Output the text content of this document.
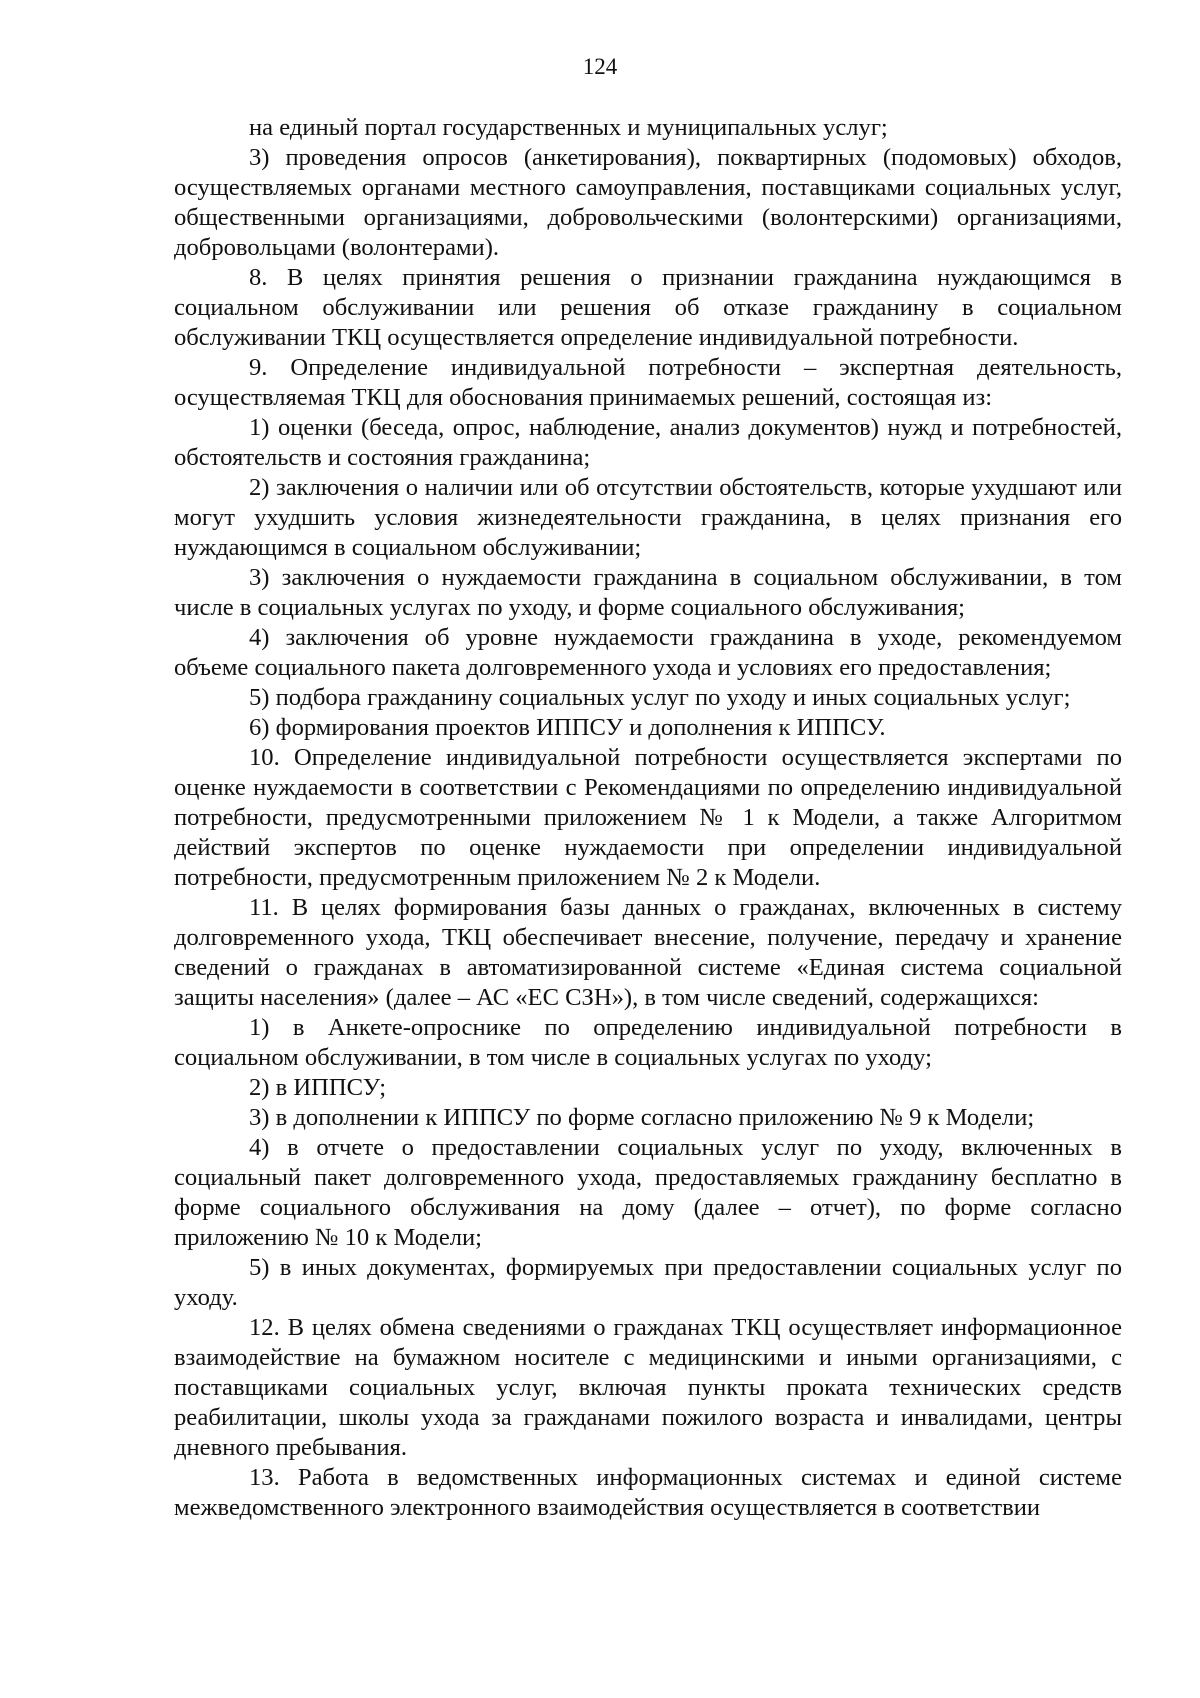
124

на единый портал государственных и муниципальных услуг;

3) проведения опросов (анкетирования), поквартирных (подомовых) обходов, осуществляемых органами местного самоуправления, поставщиками социальных услуг, общественными организациями, добровольческими (волонтерскими) организациями, добровольцами (волонтерами).

8. В целях принятия решения о признании гражданина нуждающимся в социальном обслуживании или решения об отказе гражданину в социальном обслуживании ТКЦ осуществляется определение индивидуальной потребности.

9. Определение индивидуальной потребности – экспертная деятельность, осуществляемая ТКЦ для обоснования принимаемых решений, состоящая из:

1) оценки (беседа, опрос, наблюдение, анализ документов) нужд и потребностей, обстоятельств и состояния гражданина;

2) заключения о наличии или об отсутствии обстоятельств, которые ухудшают или могут ухудшить условия жизнедеятельности гражданина, в целях признания его нуждающимся в социальном обслуживании;

3) заключения о нуждаемости гражданина в социальном обслуживании, в том числе в социальных услугах по уходу, и форме социального обслуживания;

4) заключения об уровне нуждаемости гражданина в уходе, рекомендуемом объеме социального пакета долговременного ухода и условиях его предоставления;

5) подбора гражданину социальных услуг по уходу и иных социальных услуг;

6) формирования проектов ИППСУ и дополнения к ИППСУ.

10. Определение индивидуальной потребности осуществляется экспертами по оценке нуждаемости в соответствии с Рекомендациями по определению индивидуальной потребности, предусмотренными приложением № 1 к Модели, а также Алгоритмом действий экспертов по оценке нуждаемости при определении индивидуальной потребности, предусмотренным приложением № 2 к Модели.

11. В целях формирования базы данных о гражданах, включенных в систему долговременного ухода, ТКЦ обеспечивает внесение, получение, передачу и хранение сведений о гражданах в автоматизированной системе «Единая система социальной защиты населения» (далее – АС «ЕС СЗН»), в том числе сведений, содержащихся:

1) в Анкете-опроснике по определению индивидуальной потребности в социальном обслуживании, в том числе в социальных услугах по уходу;

2) в ИППСУ;

3) в дополнении к ИППСУ по форме согласно приложению № 9 к Модели;

4) в отчете о предоставлении социальных услуг по уходу, включенных в социальный пакет долговременного ухода, предоставляемых гражданину бесплатно в форме социального обслуживания на дому (далее – отчет), по форме согласно приложению № 10 к Модели;

5) в иных документах, формируемых при предоставлении социальных услуг по уходу.

12. В целях обмена сведениями о гражданах ТКЦ осуществляет информационное взаимодействие на бумажном носителе с медицинскими и иными организациями, с поставщиками социальных услуг, включая пункты проката технических средств реабилитации, школы ухода за гражданами пожилого возраста и инвалидами, центры дневного пребывания.

13. Работа в ведомственных информационных системах и единой системе межведомственного электронного взаимодействия осуществляется в соответствии
